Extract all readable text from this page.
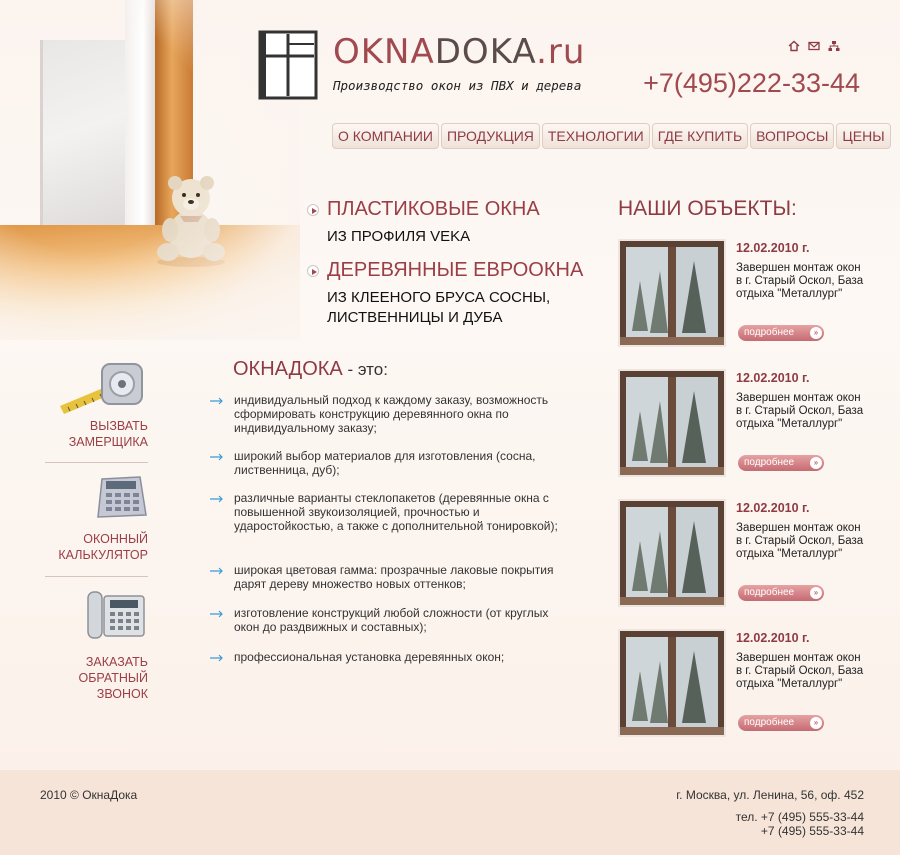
OKNADOKA.ru
Производство окон из ПВХ и дерева +7(495)222-33-44
О КОМПАНИИ	ПРОДУКЦИЯ	ТЕХНОЛОГИИ	ГДЕ КУПИТЬ	ВОПРОСЫ	ЦЕНЫ
ПЛАСТИКОВЫЕ ОКНА
ИЗ ПРОФИЛЯ VEKA
ДЕРЕВЯННЫЕ ЕВРООКНА
ИЗ КЛЕЕНОГО БРУСА СОСНЫ, ЛИСТВЕННИЦЫ И ДУБА
НАШИ ОБЪЕКТЫ:
12.02.2010 г.
Завершен монтаж окон в г. Старый Оскол, База отдыха "Металлург"
подробнее	»
12.02.2010 г.
Завершен монтаж окон в г. Старый Оскол, База отдыха "Металлург"
подробнее	»
12.02.2010 г.
Завершен монтаж окон в г. Старый Оскол, База отдыха "Металлург"
подробнее	»
12.02.2010 г.
Завершен монтаж окон в г. Старый Оскол, База отдыха "Металлург"
подробнее	»
ВЫЗВАТЬ ЗАМЕРЩИКА
ОКОННЫЙ КАЛЬКУЛЯТОР
ЗАКАЗАТЬ ОБРАТНЫЙ ЗВОНОК
ОКНАДОКА - это:
индивидуальный подход к каждому заказу, возможность сформировать конструкцию деревянного окна по индивидуальному заказу;
широкий выбор материалов для изготовления (сосна, лиственница, дуб);
различные варианты стеклопакетов (деревянные окна с повышенной звукоизоляцией, прочностью и ударостойкостью, а также с дополнительной тонировкой);
широкая цветовая гамма: прозрачные лаковые покрытия дарят дереву множество новых оттенков;
изготовление конструкций любой сложности (от круглых окон до раздвижных и составных);
профессиональная установка деревянных окон;
2010 © ОкнаДока	г. Москва, ул. Ленина, 56, оф. 452
тел. +7 (495) 555-33-44
+7 (495) 555-33-44
